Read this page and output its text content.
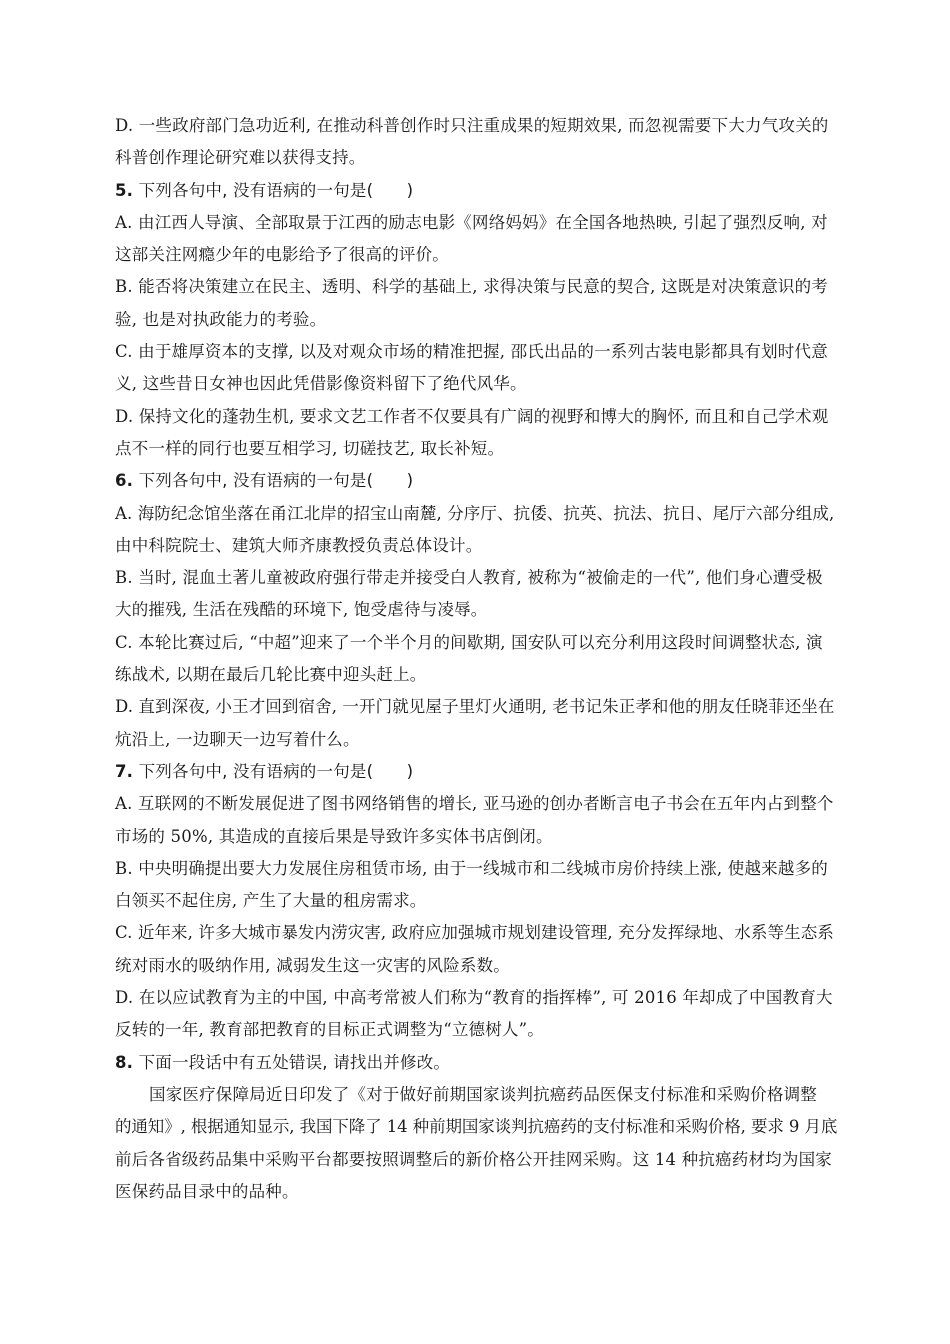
D. 一些政府部门急功近利, 在推动科普创作时只注重成果的短期效果, 而忽视需要下大力气攻关的

科普创作理论研究难以获得支持。

5. 下列各句中, 没有语病的一句是(　　)

A. 由江西人导演、全部取景于江西的励志电影《网络妈妈》在全国各地热映, 引起了强烈反响, 对

这部关注网瘾少年的电影给予了很高的评价。

B. 能否将决策建立在民主、透明、科学的基础上, 求得决策与民意的契合, 这既是对决策意识的考

验, 也是对执政能力的考验。

C. 由于雄厚资本的支撑, 以及对观众市场的精准把握, 邵氏出品的一系列古装电影都具有划时代意

义, 这些昔日女神也因此凭借影像资料留下了绝代风华。

D. 保持文化的蓬勃生机, 要求文艺工作者不仅要具有广阔的视野和博大的胸怀, 而且和自己学术观

点不一样的同行也要互相学习, 切磋技艺, 取长补短。

6. 下列各句中, 没有语病的一句是(　　)

A. 海防纪念馆坐落在甬江北岸的招宝山南麓, 分序厅、抗倭、抗英、抗法、抗日、尾厅六部分组成,

由中科院院士、建筑大师齐康教授负责总体设计。

B. 当时, 混血土著儿童被政府强行带走并接受白人教育, 被称为“被偷走的一代”, 他们身心遭受极

大的摧残, 生活在残酷的环境下, 饱受虐待与凌辱。

C. 本轮比赛过后, “中超”迎来了一个半个月的间歇期, 国安队可以充分利用这段时间调整状态, 演

练战术, 以期在最后几轮比赛中迎头赶上。

D. 直到深夜, 小王才回到宿舍, 一开门就见屋子里灯火通明, 老书记朱正孝和他的朋友任晓菲还坐在

炕沿上, 一边聊天一边写着什么。

7. 下列各句中, 没有语病的一句是(　　)

A. 互联网的不断发展促进了图书网络销售的增长, 亚马逊的创办者断言电子书会在五年内占到整个

市场的 50%, 其造成的直接后果是导致许多实体书店倒闭。

B. 中央明确提出要大力发展住房租赁市场, 由于一线城市和二线城市房价持续上涨, 使越来越多的

白领买不起住房, 产生了大量的租房需求。

C. 近年来, 许多大城市暴发内涝灾害, 政府应加强城市规划建设管理, 充分发挥绿地、水系等生态系

统对雨水的吸纳作用, 减弱发生这一灾害的风险系数。

D. 在以应试教育为主的中国, 中高考常被人们称为“教育的指挥棒”, 可 2016 年却成了中国教育大

反转的一年, 教育部把教育的目标正式调整为“立德树人”。

8. 下面一段话中有五处错误, 请找出并修改。

国家医疗保障局近日印发了《对于做好前期国家谈判抗癌药品医保支付标准和采购价格调整

的通知》, 根据通知显示, 我国下降了 14 种前期国家谈判抗癌药的支付标准和采购价格, 要求 9 月底

前后各省级药品集中采购平台都要按照调整后的新价格公开挂网采购。这 14 种抗癌药材均为国家

医保药品目录中的品种。
